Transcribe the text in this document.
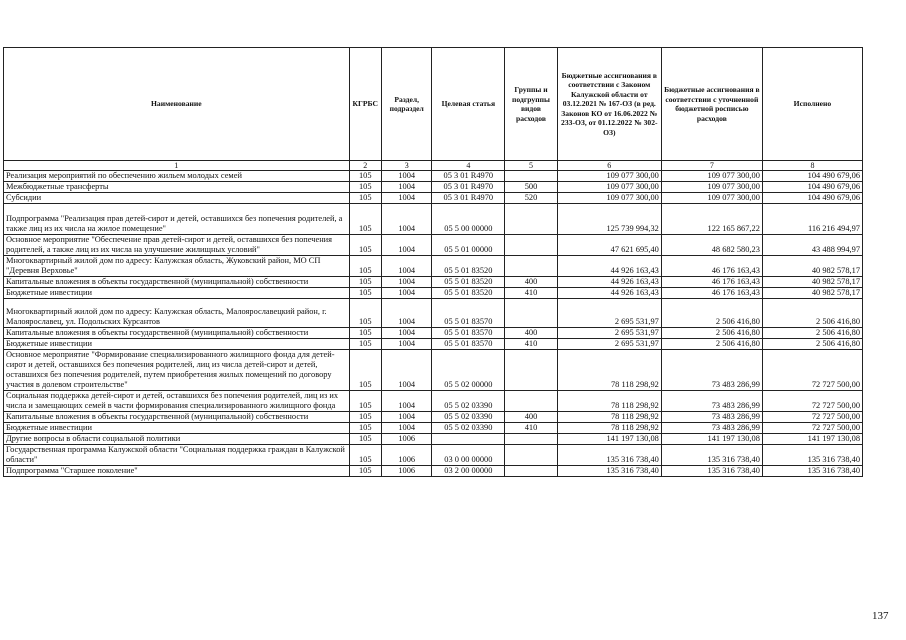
Наименование	КГРБС	Раздел, подраздел	Целевая статья	Группы и подгруппы видов расходов	Бюджетные ассигнования в соответствии с Законом Калужской области от 03.12.2021 № 167-ОЗ (в ред. Законов КО от 16.06.2022 № 233-ОЗ, от 01.12.2022 № 302-ОЗ)	Бюджетные ассигнования в соответствии с уточненной бюджетной росписью расходов	Исполнено
1	2	3	4	5	6	7	8
Реализация мероприятий по обеспечению жильем молодых семей	105	1004	05 3 01 R4970		109 077 300,00	109 077 300,00	104 490 679,06
Межбюджетные трансферты	105	1004	05 3 01 R4970	500	109 077 300,00	109 077 300,00	104 490 679,06
Субсидии	105	1004	05 3 01 R4970	520	109 077 300,00	109 077 300,00	104 490 679,06
Подпрограмма "Реализация прав детей-сирот и детей, оставшихся без попечения родителей, а также лиц из их числа на жилое помещение"	105	1004	05 5 00 00000		125 739 994,32	122 165 867,22	116 216 494,97
Основное мероприятие "Обеспечение прав детей-сирот и детей, оставшихся без попечения родителей, а также лиц из их числа на улучшение жилищных условий"	105	1004	05 5 01 00000		47 621 695,40	48 682 580,23	43 488 994,97
Многоквартирный жилой дом по адресу: Калужская область, Жуковский район, МО СП "Деревня Верховье"	105	1004	05 5 01 83520		44 926 163,43	46 176 163,43	40 982 578,17
Капитальные вложения в объекты государственной (муниципальной) собственности	105	1004	05 5 01 83520	400	44 926 163,43	46 176 163,43	40 982 578,17
Бюджетные инвестиции	105	1004	05 5 01 83520	410	44 926 163,43	46 176 163,43	40 982 578,17
Многоквартирный жилой дом по адресу: Калужская область, Малоярославецкий район, г. Малоярославец, ул. Подольских Курсантов	105	1004	05 5 01 83570		2 695 531,97	2 506 416,80	2 506 416,80
Капитальные вложения в объекты государственной (муниципальной) собственности	105	1004	05 5 01 83570	400	2 695 531,97	2 506 416,80	2 506 416,80
Бюджетные инвестиции	105	1004	05 5 01 83570	410	2 695 531,97	2 506 416,80	2 506 416,80
Основное мероприятие "Формирование специализированного жилищного фонда для детей-сирот и детей, оставшихся без попечения родителей, лиц из числа детей-сирот и детей, оставшихся без попечения родителей, путем приобретения жилых помещений по договору участия в долевом строительстве"	105	1004	05 5 02 00000		78 118 298,92	73 483 286,99	72 727 500,00
Социальная поддержка детей-сирот и детей, оставшихся без попечения родителей, лиц из их числа и замещающих семей в части формирования специализированного жилищного фонда	105	1004	05 5 02 03390		78 118 298,92	73 483 286,99	72 727 500,00
Капитальные вложения в объекты государственной (муниципальной) собственности	105	1004	05 5 02 03390	400	78 118 298,92	73 483 286,99	72 727 500,00
Бюджетные инвестиции	105	1004	05 5 02 03390	410	78 118 298,92	73 483 286,99	72 727 500,00
Другие вопросы в области социальной политики	105	1006			141 197 130,08	141 197 130,08	141 197 130,08
Государственная программа Калужской области "Социальная поддержка граждан в Калужской области"	105	1006	03 0 00 00000		135 316 738,40	135 316 738,40	135 316 738,40
Подпрограмма "Старшее поколение"	105	1006	03 2 00 00000		135 316 738,40	135 316 738,40	135 316 738,40
137
